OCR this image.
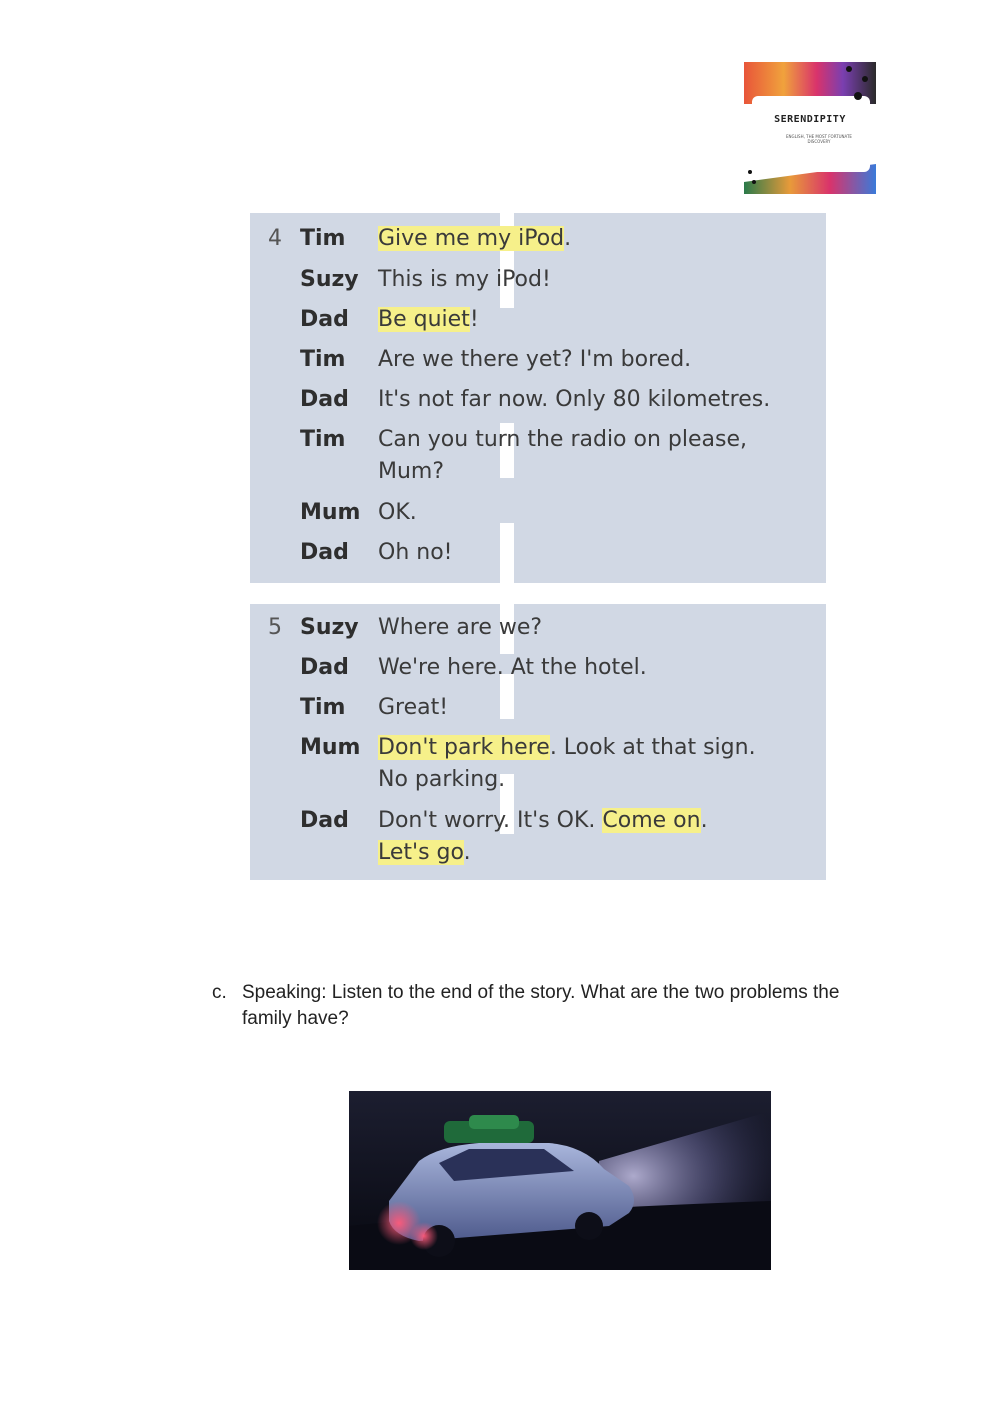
SERENDIPITY
ENGLISH, THE MOST FORTUNATE DISCOVERY
4 Tim Give me my iPod.
Suzy This is my iPod!
Dad Be quiet!
Tim Are we there yet? I'm bored.
Dad It's not far now. Only 80 kilometres.
Tim Can you turn the radio on please,
Mum?
Mum OK.
Dad Oh no!
5 Suzy Where are we?
Dad We're here. At the hotel.
Tim Great!
Mum Don't park here. Look at that sign.
No parking.
Dad Don't worry. It's OK. Come on.
Let's go.
c. Speaking: Listen to the end of the story. What are the two problems the family have?
